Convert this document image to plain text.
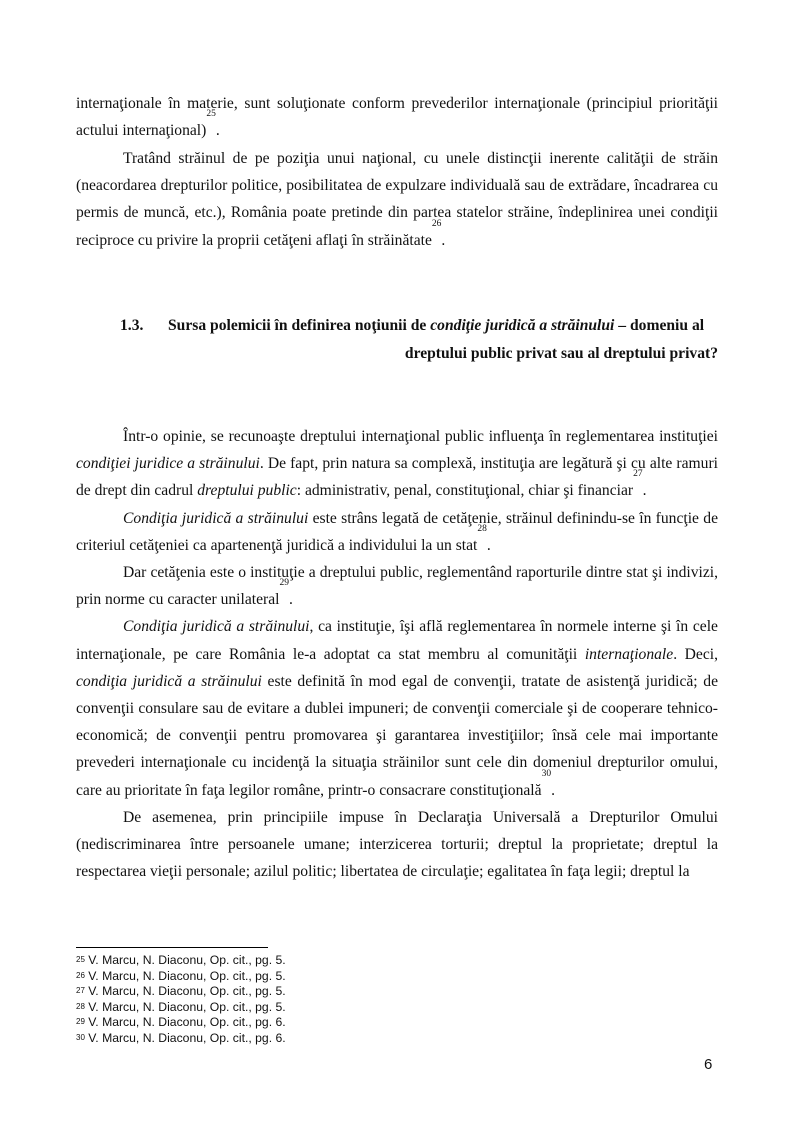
internaţionale în materie, sunt soluţionate conform prevederilor internaţionale (principiul priorităţii actului internaţional)$^{25}$.
Tratând străinul de pe poziţia unui naţional, cu unele distincţii inerente calităţii de străin (neacordarea drepturilor politice, posibilitatea de expulzare individuală sau de extrădare, încadrarea cu permis de muncă, etc.), România poate pretinde din partea statelor străine, îndeplinirea unei condiţii reciproce cu privire la proprii cetăţeni aflaţi în străinătate$^{26}$.
1.3.	Sursa polemicii în definirea noţiunii de condiţie juridică a străinului – domeniu al
dreptului public privat sau al dreptului privat?

Într-o opinie, se recunoaşte dreptului internaţional public influenţa în reglementarea instituţiei condiţiei juridice a străinului. De fapt, prin natura sa complexă, instituţia are legătură şi cu alte ramuri de drept din cadrul dreptului public: administrativ, penal, constituţional, chiar şi financiar$^{27}$.

Condiţia juridică a străinului este strâns legată de cetăţenie, străinul definindu-se în funcţie de criteriul cetăţeniei ca apartenenţă juridică a individului la un stat$^{28}$.

Dar cetăţenia este o instituţie a dreptului public, reglementând raporturile dintre stat şi indivizi, prin norme cu caracter unilateral$^{29}$.

Condiţia juridică a străinului, ca instituţie, îşi află reglementarea în normele interne şi în cele internaţionale, pe care România le-a adoptat ca stat membru al comunităţii internaţionale. Deci, condiţia juridică a străinului este definită în mod egal de convenţii, tratate de asistenţă juridică; de convenţii consulare sau de evitare a dublei impuneri; de convenţii comerciale şi de cooperare tehnico-economică; de convenţii pentru promovarea şi garantarea investiţiilor; însă cele mai importante prevederi internaţionale cu incidenţă la situaţia străinilor sunt cele din domeniul drepturilor omului, care au prioritate în faţa legilor române, printr-o consacrare constituţională$^{30}$.

De asemenea, prin principiile impuse în Declaraţia Universală a Drepturilor Omului (nediscriminarea între persoanele umane; interzicerea torturii; dreptul la proprietate; dreptul la respectarea vieţii personale; azilul politic; libertatea de circulaţie; egalitatea în faţa legii; dreptul la

$^{25}$ V. Marcu, N. Diaconu, Op. cit., pg. 5.
$^{26}$ V. Marcu, N. Diaconu, Op. cit., pg. 5.
$^{27}$ V. Marcu, N. Diaconu, Op. cit., pg. 5.
$^{28}$ V. Marcu, N. Diaconu, Op. cit., pg. 5.
$^{29}$ V. Marcu, N. Diaconu, Op. cit., pg. 6.
$^{30}$ V. Marcu, N. Diaconu, Op. cit., pg. 6.
6
